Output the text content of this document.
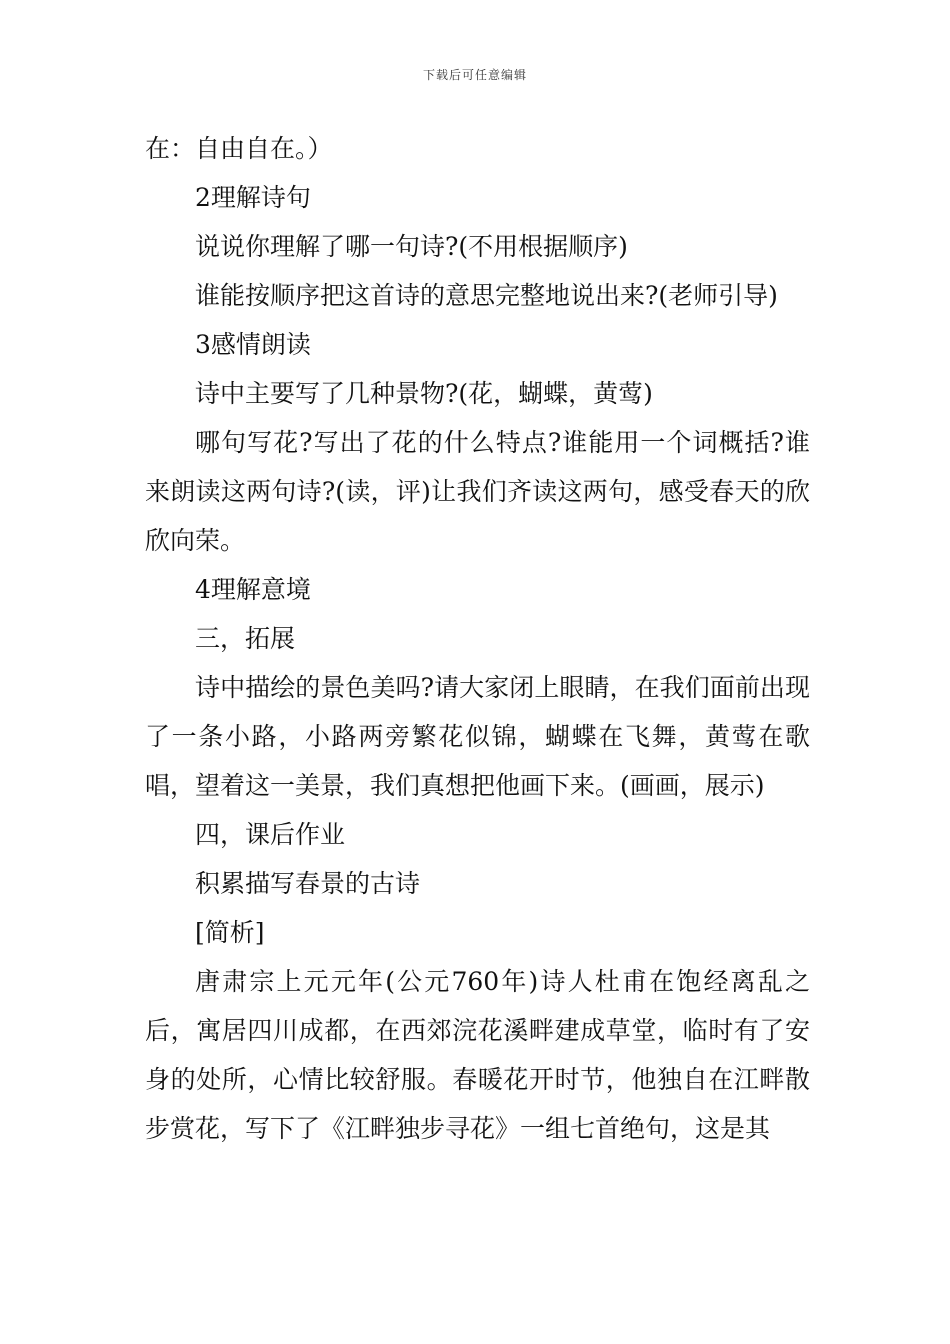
下载后可任意编辑

在：自由自在。）

2理解诗句

说说你理解了哪一句诗?(不用根据顺序)

谁能按顺序把这首诗的意思完整地说出来?(老师引导)

3感情朗读

诗中主要写了几种景物?(花，蝴蝶，黄莺)

哪句写花?写出了花的什么特点?谁能用一个词概括?谁来朗读这两句诗?(读，评)让我们齐读这两句，感受春天的欣欣向荣。

4理解意境

三，拓展

诗中描绘的景色美吗?请大家闭上眼睛，在我们面前出现了一条小路，小路两旁繁花似锦，蝴蝶在飞舞，黄莺在歌唱，望着这一美景，我们真想把他画下来。(画画，展示)

四，课后作业

积累描写春景的古诗

[简析]

唐肃宗上元元年(公元760年)诗人杜甫在饱经离乱之后，寓居四川成都，在西郊浣花溪畔建成草堂，临时有了安身的处所，心情比较舒服。春暖花开时节，他独自在江畔散步赏花，写下了《江畔独步寻花》一组七首绝句，这是其
